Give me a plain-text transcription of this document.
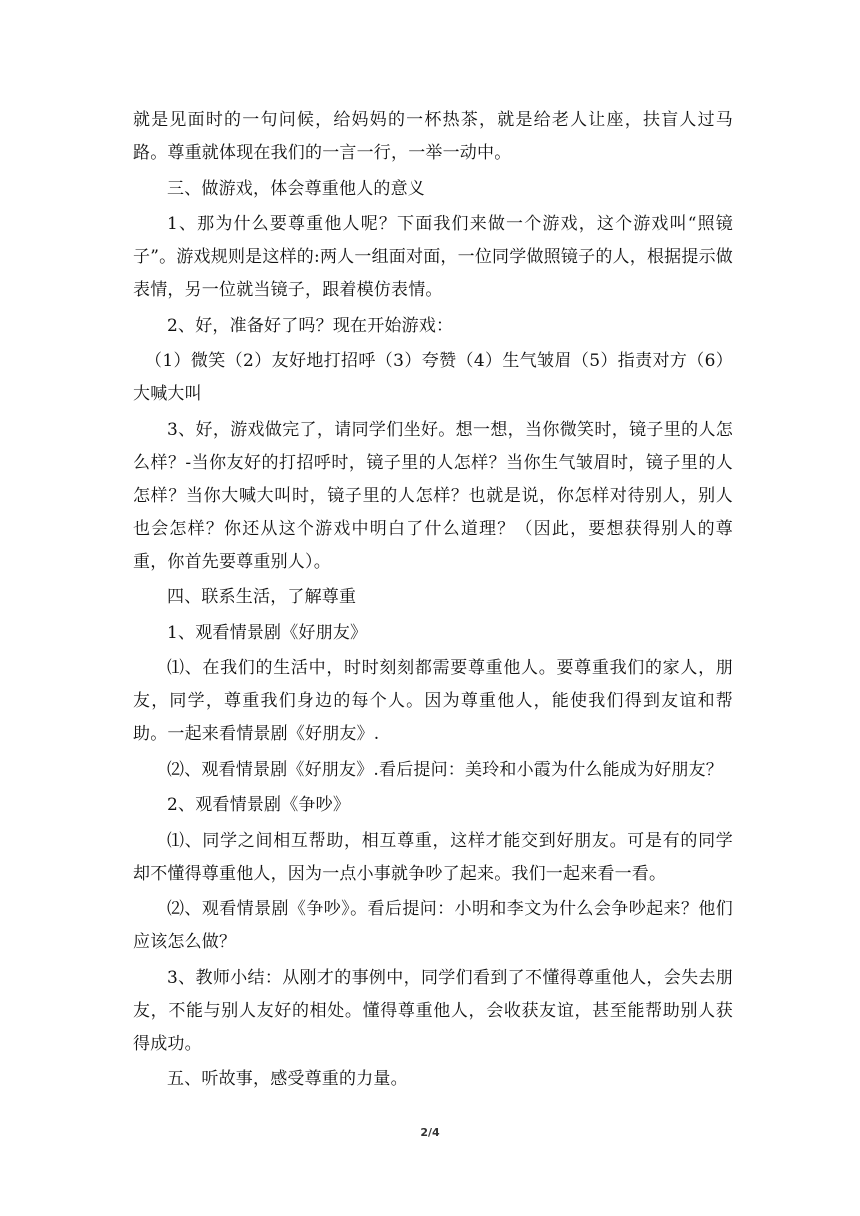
就是见面时的一句问候，给妈妈的一杯热茶，就是给老人让座，扶盲人过马路。尊重就体现在我们的一言一行，一举一动中。

三、做游戏，体会尊重他人的意义

1、那为什么要尊重他人呢？下面我们来做一个游戏，这个游戏叫“照镜子”。游戏规则是这样的:两人一组面对面，一位同学做照镜子的人，根据提示做表情，另一位就当镜子，跟着模仿表情。

2、好，准备好了吗？现在开始游戏：

（1）微笑（2）友好地打招呼（3）夸赞（4）生气皱眉（5）指责对方（6）大喊大叫

3、好，游戏做完了，请同学们坐好。想一想，当你微笑时，镜子里的人怎么样？-当你友好的打招呼时，镜子里的人怎样？当你生气皱眉时，镜子里的人怎样？当你大喊大叫时，镜子里的人怎样？也就是说，你怎样对待别人，别人也会怎样？你还从这个游戏中明白了什么道理？（因此，要想获得别人的尊重，你首先要尊重别人）。

四、联系生活，了解尊重

1、观看情景剧《好朋友》

⑴、在我们的生活中，时时刻刻都需要尊重他人。要尊重我们的家人，朋友，同学，尊重我们身边的每个人。因为尊重他人，能使我们得到友谊和帮助。一起来看情景剧《好朋友》.

⑵、观看情景剧《好朋友》.看后提问：美玲和小霞为什么能成为好朋友？

2、观看情景剧《争吵》

⑴、同学之间相互帮助，相互尊重，这样才能交到好朋友。可是有的同学却不懂得尊重他人，因为一点小事就争吵了起来。我们一起来看一看。

⑵、观看情景剧《争吵》。看后提问：小明和李文为什么会争吵起来？他们应该怎么做？

3、教师小结：从刚才的事例中，同学们看到了不懂得尊重他人，会失去朋友，不能与别人友好的相处。懂得尊重他人，会收获友谊，甚至能帮助别人获得成功。

五、听故事，感受尊重的力量。

2/4
